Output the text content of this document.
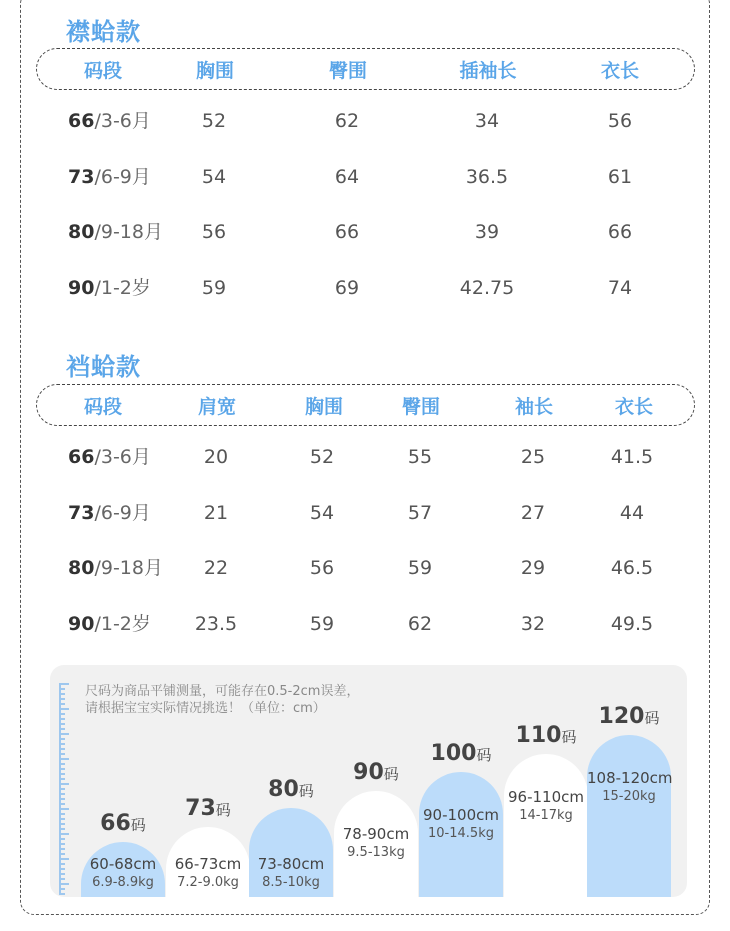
襟蛤款
码段	胸围	臀围	插袖长	衣长
66/3-6月	52	62	34	56
73/6-9月	54	64	36.5	61
80/9-18月 56	66	39	66
90/1-2岁	59	69	42.75	74
裆蛤款
码段	肩宽	胸围	臀围	袖长	衣长
66/3-6月	20	52	55	25	41.5
73/6-9月	21	54	57	27	44
80/9-18月 22	56	59	29	46.5
90/1-2岁 23.5	59	62	32	49.5
尺码为商品平铺测量，可能存在0.5-2cm误差，
请根据宝宝实际情况挑选！（单位：cm）
60-68cm
6.9-8.9kg
66码
66-73cm
7.2-9.0kg
73码
73-80cm
8.5-10kg
80码
78-90cm
9.5-13kg
90码
90-100cm
10-14.5kg
100码
96-110cm
14-17kg
110码
108-120cm
15-20kg
120码
